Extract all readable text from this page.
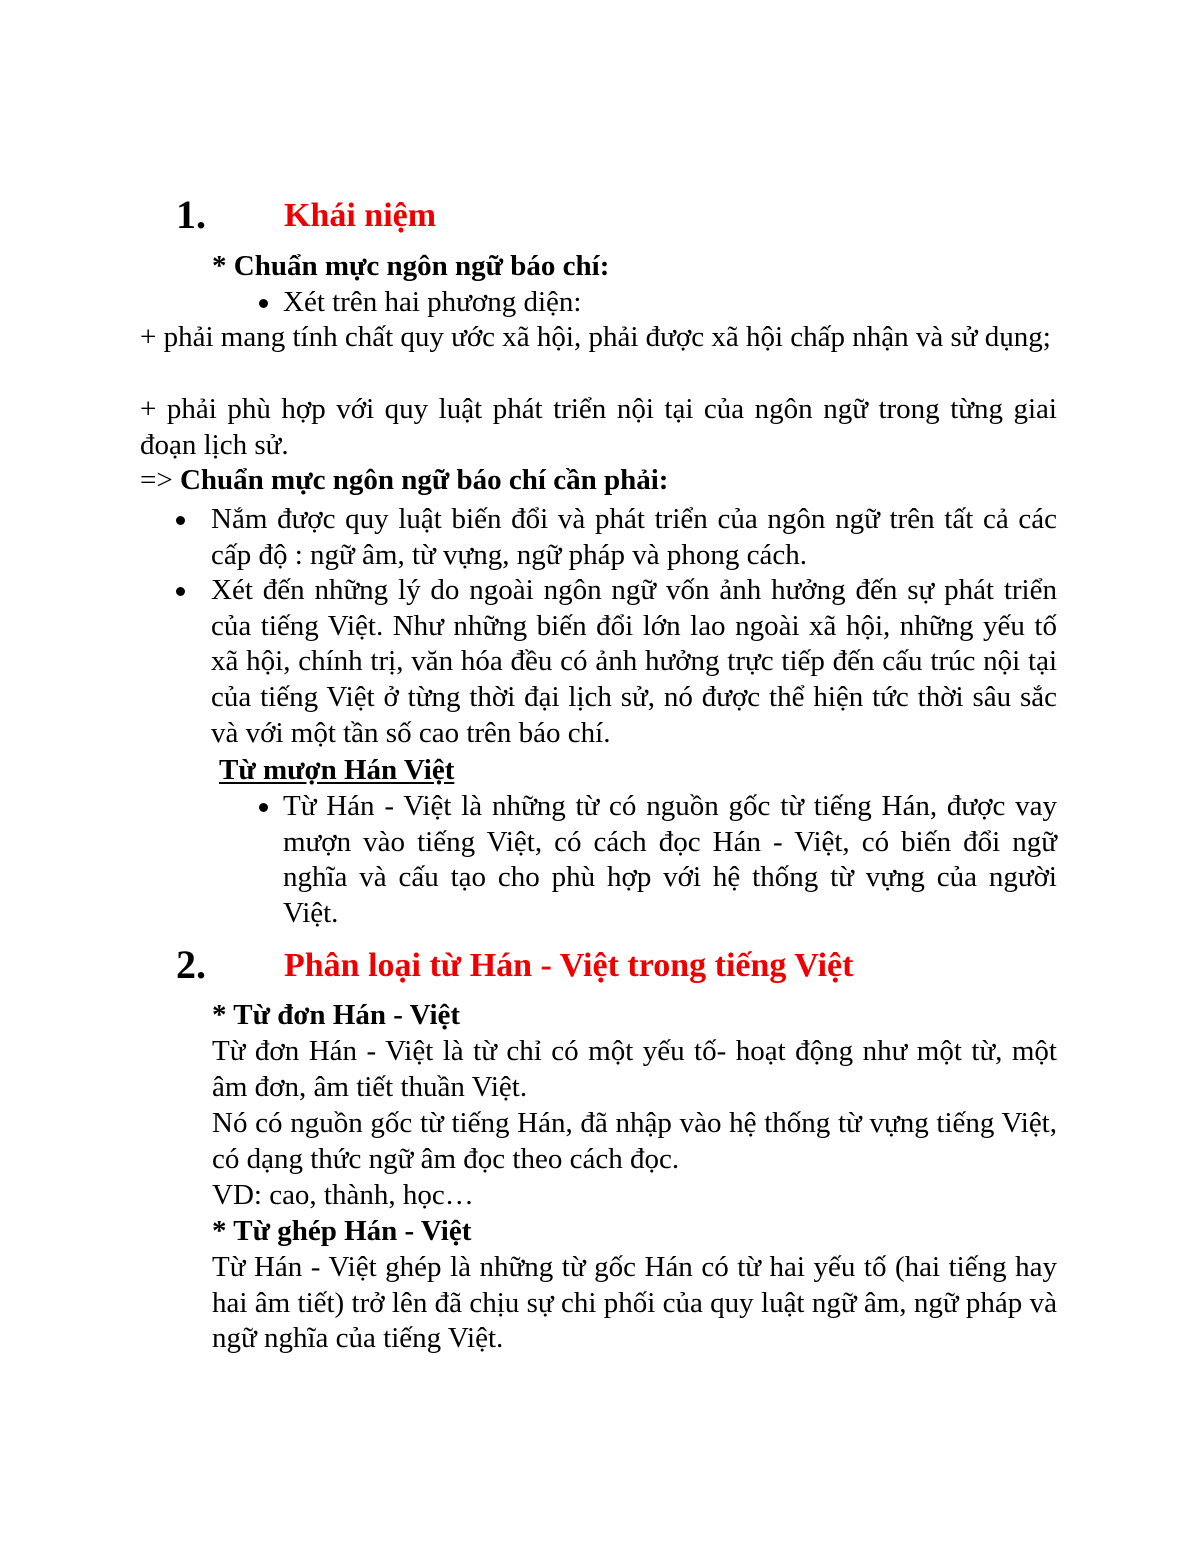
1. Khái niệm
* Chuẩn mực ngôn ngữ báo chí:
Xét trên hai phương diện:
+ phải mang tính chất quy ước xã hội, phải được xã hội chấp nhận và sử dụng;
+ phải phù hợp với quy luật phát triển nội tại của ngôn ngữ trong từng giai đoạn lịch sử.
=> Chuẩn mực ngôn ngữ báo chí cần phải:
Nắm được quy luật biến đổi và phát triển của ngôn ngữ trên tất cả các cấp độ : ngữ âm, từ vựng, ngữ pháp và phong cách.
Xét đến những lý do ngoài ngôn ngữ vốn ảnh hưởng đến sự phát triển của tiếng Việt. Như những biến đổi lớn lao ngoài xã hội, những yếu tố xã hội, chính trị, văn hóa đều có ảnh hưởng trực tiếp đến cấu trúc nội tại của tiếng Việt ở từng thời đại lịch sử, nó được thể hiện tức thời sâu sắc và với một tần số cao trên báo chí.
Từ mượn Hán Việt
Từ Hán - Việt là những từ có nguồn gốc từ tiếng Hán, được vay mượn vào tiếng Việt, có cách đọc Hán - Việt, có biến đổi ngữ nghĩa và cấu tạo cho phù hợp với hệ thống từ vựng của người Việt.
2. Phân loại từ Hán - Việt trong tiếng Việt
* Từ đơn Hán - Việt
Từ đơn Hán - Việt là từ chỉ có một yếu tố- hoạt động như một từ, một âm đơn, âm tiết thuần Việt.
Nó có nguồn gốc từ tiếng Hán, đã nhập vào hệ thống từ vựng tiếng Việt, có dạng thức ngữ âm đọc theo cách đọc.
VD: cao, thành, học…
* Từ ghép Hán - Việt
Từ Hán - Việt ghép là những từ gốc Hán có từ hai yếu tố (hai tiếng hay hai âm tiết) trở lên đã chịu sự chi phối của quy luật ngữ âm, ngữ pháp và ngữ nghĩa của tiếng Việt.
